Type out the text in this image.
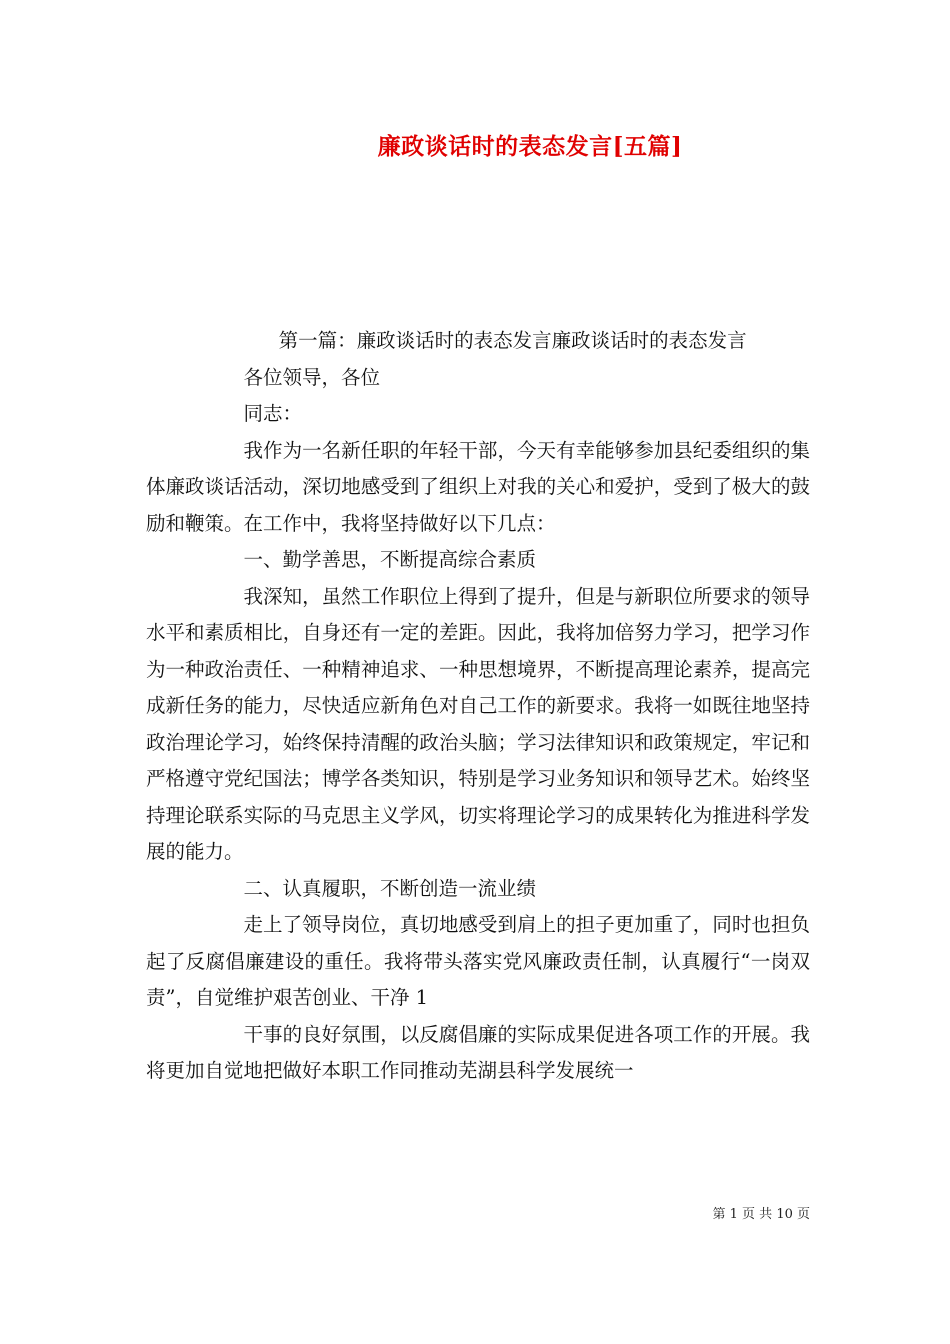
廉政谈话时的表态发言[五篇]

第一篇：廉政谈话时的表态发言廉政谈话时的表态发言

各位领导，各位

同志：

我作为一名新任职的年轻干部，今天有幸能够参加县纪委组织的集体廉政谈话活动，深切地感受到了组织上对我的关心和爱护，受到了极大的鼓励和鞭策。在工作中，我将坚持做好以下几点：

一、勤学善思，不断提高综合素质

我深知，虽然工作职位上得到了提升，但是与新职位所要求的领导水平和素质相比，自身还有一定的差距。因此，我将加倍努力学习，把学习作为一种政治责任、一种精神追求、一种思想境界，不断提高理论素养，提高完成新任务的能力，尽快适应新角色对自己工作的新要求。我将一如既往地坚持政治理论学习，始终保持清醒的政治头脑；学习法律知识和政策规定，牢记和严格遵守党纪国法；博学各类知识，特别是学习业务知识和领导艺术。始终坚持理论联系实际的马克思主义学风，切实将理论学习的成果转化为推进科学发展的能力。

二、认真履职，不断创造一流业绩

走上了领导岗位，真切地感受到肩上的担子更加重了，同时也担负起了反腐倡廉建设的重任。我将带头落实党风廉政责任制，认真履行“一岗双责”，自觉维护艰苦创业、干净 1

干事的良好氛围，以反腐倡廉的实际成果促进各项工作的开展。我将更加自觉地把做好本职工作同推动芜湖县科学发展统一

第 1 页 共 10 页
